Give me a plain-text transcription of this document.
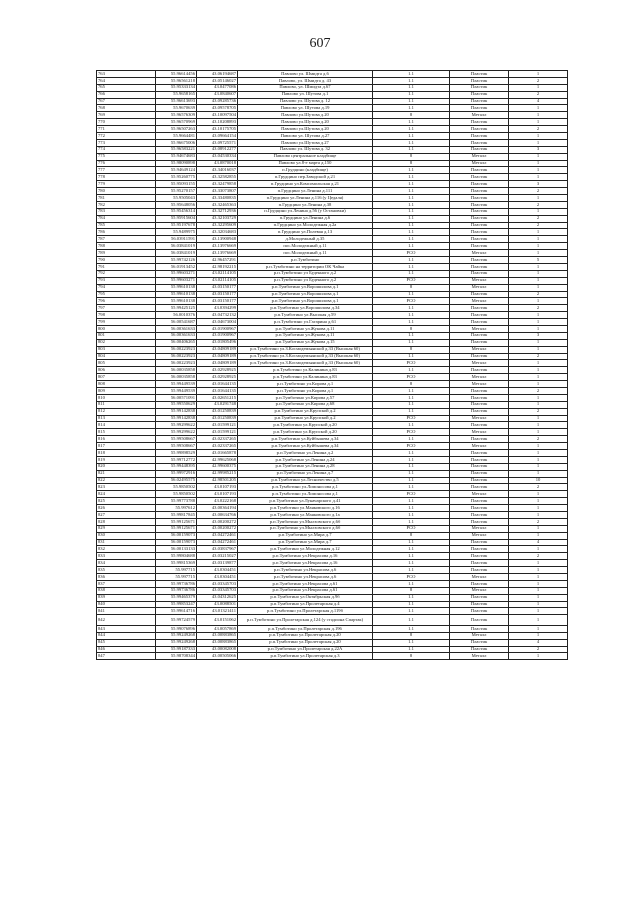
607
763	55.96614456	43.06194687	Павлово ул. Шмидта д.6	1.1	Пластик	1
764	55.96561218	43.05146027	Павлово, ул. Шмидта д. 43	1.1	Пластик	2
765	55.95333134	43.0477086	Павлово, ул. Шмидта д.67	1.1	Пластик	1
766	55.9658165	43.0840607	Павлово ул. Шутова д.1	1.1	Пластик	2
767	55.96613693	43.09285736	Павлово ул. Шутова д. 12	1.1	Пластик	4
768	55.9670639	43.09578705	Павлово ул. Шутова д.19	1.1	Пластик	1
769	55.96576309	43.10097504	Павлово ул.Шутова д.20	8	Металл	1
770	55.96570969	43.10208893	Павлово ул.Шутова д.20	1.1	Пластик	1
771	55.96507263	43.10175705	Павлово ул.Шутова д.20	1.1	Пластик	2
772	55.9664481	43.09664154	Павлово ул. Шутова д.27	1.1	Пластик	1
773	55.96675006	43.09725571	Павлово ул.Шутова д.27	1.1	Пластик	1
774	55.96583221	43.08912277	Павлово ул. Шутова д. 32	1.1	Пластик	3
775	55.94674683	43.04530334	Павлово центральное кладбище	8	Металл	1
776	55.98090898	43.0870018	Павлово ул.8-е марта д.150	8	Металл	1
777	55.94649124	43.34016037	п.Грудцино (кладбище)	1.1	Пластик	1
778	55.95260775	43.32582855	п.Грудцино пер.Заводской д.21	1.1	Пластик	1
779	55.95093155	43.32479858	п.Грудцино ул.Комсомольская д.21	1.1	Пластик	3
780	55.95270157	43.33073807	п.Грудцино ул.Ленина д.111	1.1	Пластик	2
781	55.9505043	43.33480835	п.Грудцино ул.Ленина д.116 (у Цедаля)	1.1	Пластик	1
782	55.95648056	43.32465363	п.Грудцино ул.Ленина д.38	1.1	Пластик	2
783	55.95456314	43.32712936	п.Грудцино ул.Ленина д.56 (у Остановки)	1.1	Пластик	1
784	55.95915604	43.32103729	п.Грудцино ул.Ленина д.6	1.1	Пластик	2
785	55.95197678	43.32295609	п.Грудцино ул.Молодежная д.2а	1.1	Пластик	2
786	55.9489975	43.32034683	п.Грудцино ул.Полевая д.13	1.1	Пластик	1
787	56.03911591	43.13900948	д.Молодежный д.35	1.1	Пластик	1
788	56.03841019	43.13976669	пос.Молодежный д.11	1.1	Пластик	1
789	56.03841019	43.13976669	пос.Молодежный д.11	PCO	Металл	1
790	55.99742126	42.96457291	р.п.Тумботино	1.1	Пластик	5
791	56.01913452	42.98192215	р.п.Тумботино на территории ОК Чайка	1.1	Пластик	1
792	55.99603271	43.02114105	р.п.Тумботино ул Буденного д.2	1.1	Пластик	1
793	55.99603271	43.02114105	р.п.Тумботино ул Буденного д.2	PCO	Металл	1
794	55.99610138	43.03150177	р.п.Тумботино ул.Ворошилова д.1	8	Металл	1
795	55.99610138	43.03150177	р.п.Тумботино ул.Ворошилова д.1	1.1	Пластик	2
796	55.99610138	43.03150177	р.п.Тумботино ул.Ворошилова д.1	PCO	Металл	1
797	55.99425125	43.0394299	р.п.Тумботино ул.Ворошилова д.34	1.1	Пластик	2
798	56.0010376	43.04732132	р.п.Тумботино ул.Высокая д.59	1.1	Пластик	1
799	56.00541687	43.04673004	р.п.Тумботино ул.Гагарина д.61	1.1	Пластик	1
800	56.00361633	43.01900967	р.п.Тумботино ул.Жукова д.11	8	Металл	1
801	56.00361633	43.01900967	р.п.Тумботино ул.Жукова д.11	1.1	Пластик	3
802	56.00406265	43.01805496	р.п.Тумботино ул.Жукова д.15	1.1	Пластик	1
803	56.00223923	43.04809189	р.п.Тумботино ул.З.Космодемьянской д.33 (Высокая 60)	8	Металл	1
804	56.00223923	43.04809189	р.п.Тумботино ул.З.Космодемьянской д.33 (Высокая 60)	1.1	Пластик	2
805	56.00223923	43.04809189	р.п.Тумботино ул.З.Космодемьянской д.33 (Высокая 60)	PCO	Металл	1
806	56.00035858	43.02928925	р.п.Тумботино ул.Калинина д.83	1.1	Пластик	1
807	56.00035858	43.02928925	р.п.Тумботино ул.Калинина д.83	PCO	Металл	1
808	55.99449539	43.01644135	р.п.Тумботино ул.Кирова д.1	8	Металл	1
809	55.99449539	43.01644135	р.п.Тумботино ул.Кирова д.1	1.1	Пластик	2
810	56.00571091	43.02651215	р.п.Тумботино ул.Кирова д.57	1.1	Пластик	1
811	55.99550629	43.0291748	р.п.Тумботино ул.Кирова д.68	1.1	Пластик	1
812	55.99142838	43.01250839	р.п.Тумботино ул.Крупской д.2	1.1	Пластик	2
813	55.99142838	43.01250839	р.п.Тумботино ул.Крупской д.2	PCO	Металл	1
814	55.99299622	43.01599121	р.п.Тумботино ул.Крупской д.20	1.1	Пластик	1
815	55.99299622	43.01599121	р.п.Тумботино ул.Крупской д.20	PCO	Металл	1
816	55.99508667	43.02337265	р.п.Тумботино ул.Куйбышева д.34	1.1	Пластик	2
817	55.99508667	43.02337265	р.п.Тумботино ул.Куйбышева д.34	PCO	Металл	1
818	55.99898529	43.01665878	р.п.Тумботино ул.Ленина д.2	1.1	Пластик	1
819	55.99712772	42.99625068	р.п.Тумботино ул.Ленина д.24	1.1	Пластик	1
820	55.99448395	42.99600375	р.п.Тумботино ул.Ленина д.28	1.1	Пластик	1
821	55.99972916	42.99985215	р.п.Тумботино ул.Ленина д.7	1.1	Пластик	1
822	56.02495575	42.98501205	р.п.Тумботино ул.Лесничество д.5	1.1	Пластик	10
823	55.9850502	43.0107193	р.п.Тумботино ул.Ломоносова д.1	1.1	Пластик	2
824	55.9850502	43.0107193	р.п.Тумботино ул.Ломоносова д.1	PCO	Металл	1
825	55.99773788	43.0222168	р.п.Тумботино ул.Луначарского д.41	1.1	Пластик	1
826	55.997612	43.00364194	р.п.Тумботино ул.Маяковского д.16	1.1	Пластик	1
827	55.99817845	43.00634766	р.п.Тумботино ул.Маяковского д.1а	1.1	Пластик	1
828	55.99125671	43.00200272	р.п.Тумботино ул.Мылзовского д.6б	1.1	Пластик	2
829	55.99125671	43.00200272	р.п.Тумботино ул.Мылзовского д.6б	PCO	Металл	1
830	56.00159073	43.04272461	р.п.Тумботино ул.Мира д.7	8	Металл	1
831	56.00159073	43.04272461	р.п.Тумботино ул.Мира д.7	1.1	Пластик	4
832	56.00133133	43.03837967	р.п.Тумботино ул.Молодежная д.12	1.1	Пластик	1
833	55.99804688	43.03215027	р.п.Тумботино ул.Некрасова д.16	1.1	Пластик	2
834	55.99815369	43.03139877	р.п.Тумботино ул.Некрасова д.16	1.1	Пластик	1
835	55.997715	43.0304451	р.п.Тумботино ул.Некрасова д.6	1.1	Пластик	1
836	55.997715	43.0304451	р.п.Тумботино ул.Некрасова д.6	PCO	Металл	1
837	55.99736786	43.03345703	р.п.Тумботино ул.Некрасова д.61	1.1	Пластик	1
838	55.99736786	43.03345703	р.п.Тумботино ул.Некрасова д.61	8	Металл	1
839	55.99465379	43.04312625	р.п.Тумботино ул.Октябрьская д.9б	1.1	Пластик	1
840	55.99853247	43.0088501	р.п.Тумботино ул.Пролетарская д.4	1.1	Пластик	1
841	55.99614716	43.01321411	р.п.Тумботино ул.Пролетарская д.119б	1.1	Пластик	1
842	55.99724579	43.0151062	р.п.Тумботино ул.Пролетарская д.124 (у стадиона Спартак)	1.1	Пластик	1
843	55.99076896	43.0057869	р.п.Тумботино ул.Пролетарская д.196	1.1	Пластик	1
844	55.99249268	43.00883865	р.п.Тумботино ул.Пролетарская д.20	8	Металл	1
845	55.99249268	43.00883865	р.п.Тумботино ул.Пролетарская д.20	1.1	Пластик	4
846	55.99187333	43.00082008	р.п.Тумботино ул.Пролетарская д.22А	1.1	Пластик	2
847	55.98708344	43.00505066	р.п.Тумботино ул.Пролетарская д.3	8	Металл	1
